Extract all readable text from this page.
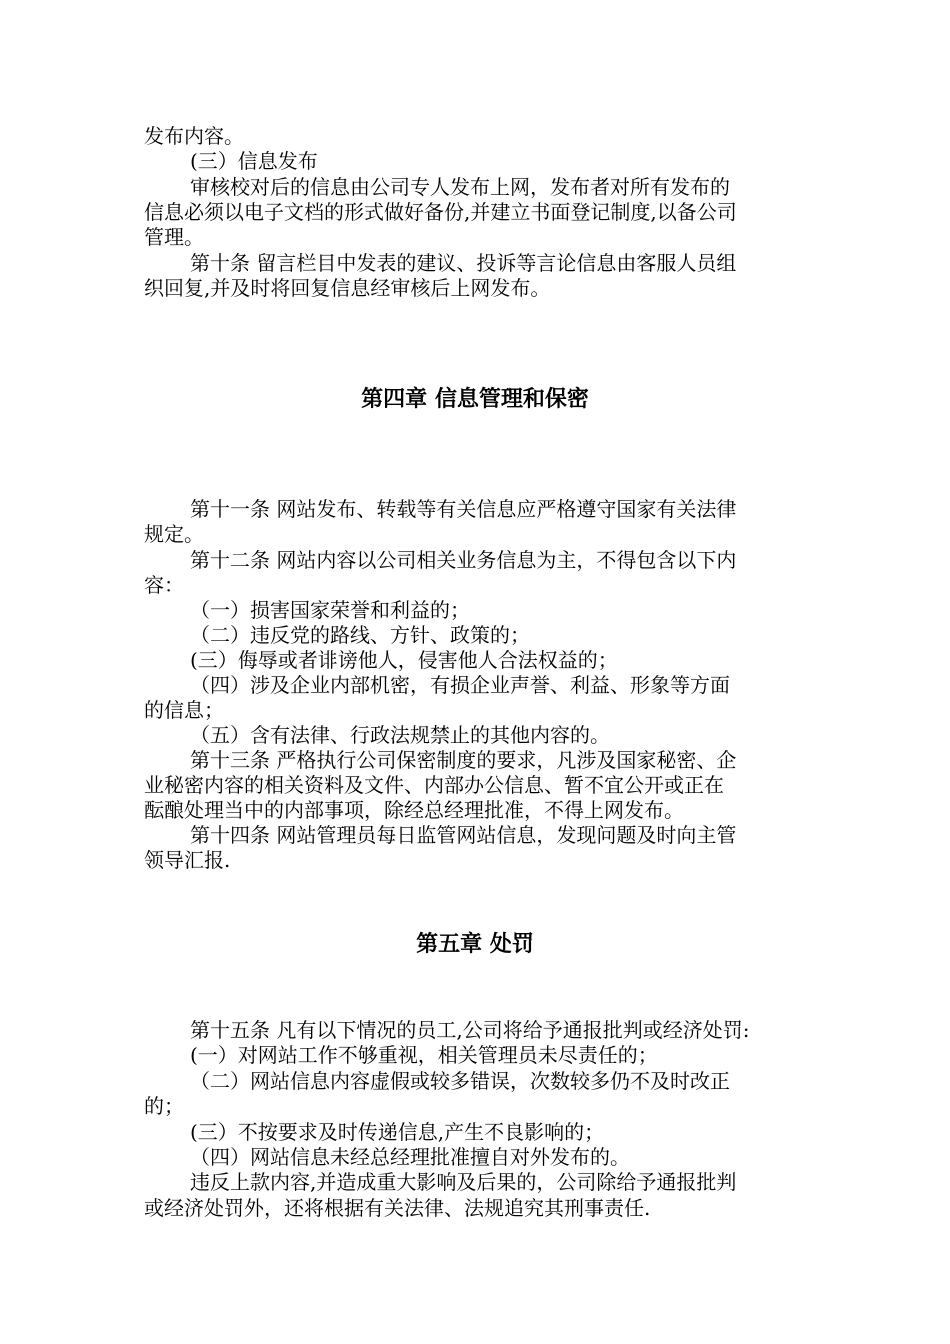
发布内容。
(三）信息发布
审核校对后的信息由公司专人发布上网，发布者对所有发布的
信息必须以电子文档的形式做好备份,并建立书面登记制度,以备公司
管理。
第十条 留言栏目中发表的建议、投诉等言论信息由客服人员组
织回复,并及时将回复信息经审核后上网发布。
第四章 信息管理和保密
第十一条 网站发布、转载等有关信息应严格遵守国家有关法律
规定。
第十二条 网站内容以公司相关业务信息为主，不得包含以下内
容：
（一）损害国家荣誉和利益的；
（二）违反党的路线、方针、政策的；
(三）侮辱或者诽谤他人，侵害他人合法权益的；
（四）涉及企业内部机密，有损企业声誉、利益、形象等方面
的信息；
（五）含有法律、行政法规禁止的其他内容的。
第十三条 严格执行公司保密制度的要求，凡涉及国家秘密、企
业秘密内容的相关资料及文件、内部办公信息、暂不宜公开或正在
酝酿处理当中的内部事项，除经总经理批准，不得上网发布。
第十四条 网站管理员每日监管网站信息，发现问题及时向主管
领导汇报.
第五章 处罚
第十五条 凡有以下情况的员工,公司将给予通报批判或经济处罚:
(一）对网站工作不够重视，相关管理员未尽责任的；
（二）网站信息内容虚假或较多错误，次数较多仍不及时改正
的；
(三）不按要求及时传递信息,产生不良影响的；
（四）网站信息未经总经理批准擅自对外发布的。
违反上款内容,并造成重大影响及后果的，公司除给予通报批判
或经济处罚外，还将根据有关法律、法规追究其刑事责任.
